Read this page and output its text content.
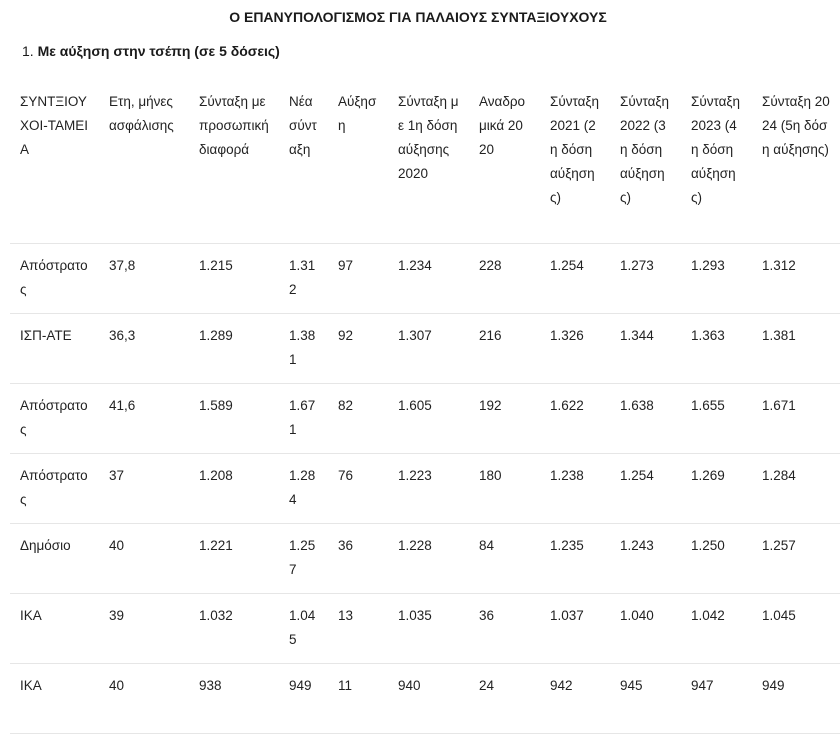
Ο ΕΠΑΝΥΠΟΛΟΓΙΣΜΟΣ ΓΙΑ ΠΑΛΑΙΟΥΣ ΣΥΝΤΑΞΙΟΥΧΟΥΣ
1. Με αύξηση στην τσέπη (σε 5 δόσεις)
ΣΥΝΤΞΙΟΥ ΧΟΙ-ΤΑΜΕΙΑ	Ετη, μήνες ασφάλισης	Σύνταξη με προσωπική διαφορά	Νέα σύνταξη	Αύξηση	Σύνταξη με 1η δόση αύξησης 2020	Αναδρομικά 2020	Σύνταξη 2021 (2η δόση αύξησης)	Σύνταξη 2022 (3η δόση αύξησης)	Σύνταξη 2023 (4η δόση αύξησης)	Σύνταξη 2024 (5η δόση αύξησης)
Απόστρατος	37,8	1.215	1.312	97	1.234	228	1.254	1.273	1.293	1.312
ΙΣΠ-ΑΤΕ	36,3	1.289	1.381	92	1.307	216	1.326	1.344	1.363	1.381
Απόστρατος	41,6	1.589	1.671	82	1.605	192	1.622	1.638	1.655	1.671
Απόστρατος	37	1.208	1.284	76	1.223	180	1.238	1.254	1.269	1.284
Δημόσιο	40	1.221	1.257	36	1.228	84	1.235	1.243	1.250	1.257
ΙΚΑ	39	1.032	1.045	13	1.035	36	1.037	1.040	1.042	1.045
ΙΚΑ	40	938	949	11	940	24	942	945	947	949
